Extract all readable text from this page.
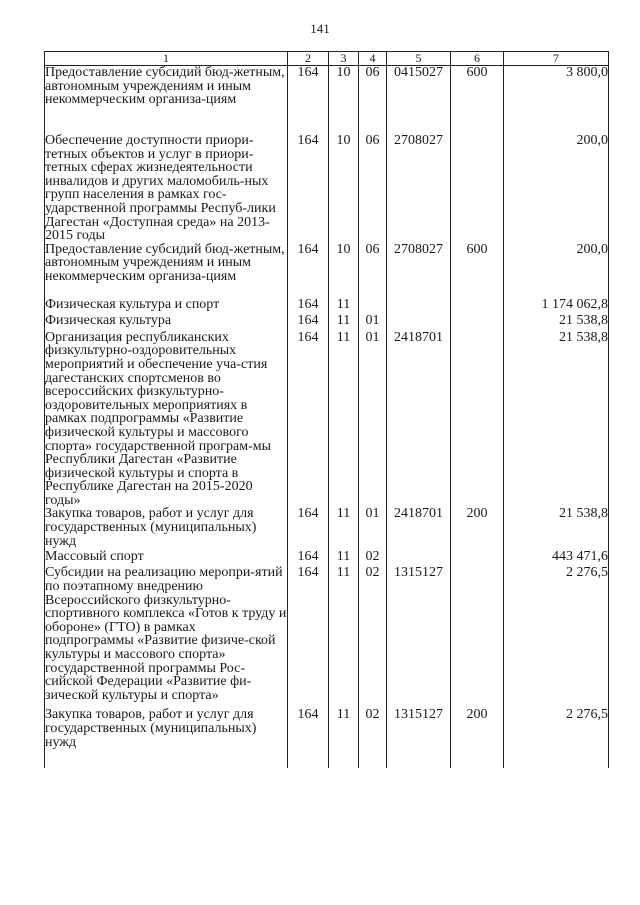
141
1	2	3	4	5	6	7
Предоставление субсидий бюд-жетным, автономным учреждениям и иным некоммерческим организа-циям	164	10	06	0415027	600	3 800,0
Обеспечение доступности приори-тетных объектов и услуг в приори-тетных сферах жизнедеятельности инвалидов и других маломобиль-ных групп населения в рамках гос-ударственной программы Респуб-лики Дагестан «Доступная среда» на 2013-2015 годы	164	10	06	2708027		200,0
Предоставление субсидий бюд-жетным, автономным учреждениям и иным некоммерческим организа-циям	164	10	06	2708027	600	200,0
Физическая культура и спорт	164	11				1 174 062,8
Физическая культура	164	11	01			21 538,8
Организация республиканских физкультурно-оздоровительных мероприятий и обеспечение уча-стия дагестанских спортсменов во всероссийских физкультурно-оздоровительных мероприятиях в рамках подпрограммы «Развитие физической культуры и массового спорта» государственной програм-мы Республики Дагестан «Развитие физической культуры и спорта в Республике Дагестан на 2015-2020 годы»	164	11	01	2418701		21 538,8
Закупка товаров, работ и услуг для государственных (муниципальных) нужд	164	11	01	2418701	200	21 538,8
Массовый спорт	164	11	02			443 471,6
Субсидии на реализацию меропри-ятий по поэтапному внедрению Всероссийского физкультурно-спортивного комплекса «Готов к труду и обороне» (ГТО) в рамках подпрограммы «Развитие физиче-ской культуры и массового спорта» государственной программы Рос-сийской Федерации «Развитие фи-зической культуры и спорта»	164	11	02	1315127		2 276,5
Закупка товаров, работ и услуг для государственных (муниципальных) нужд	164	11	02	1315127	200	2 276,5
